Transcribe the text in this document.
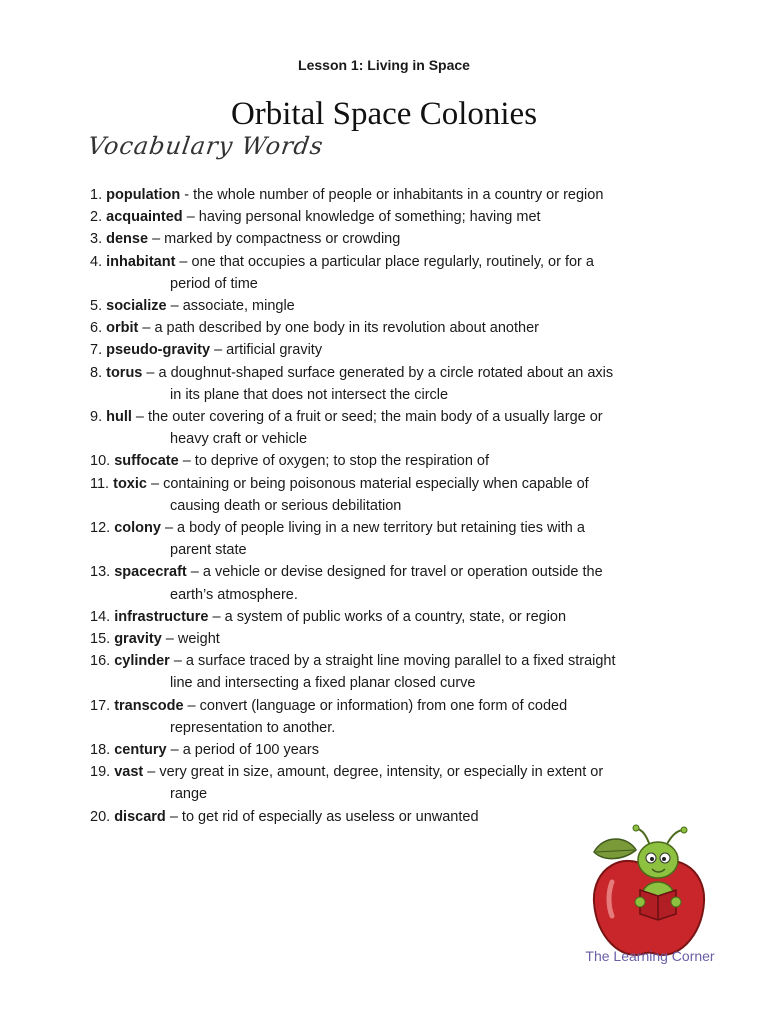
Lesson 1: Living in Space
Orbital Space Colonies
Vocabulary Words
1. population - the whole number of people or inhabitants in a country or region
2. acquainted – having personal knowledge of something; having met
3. dense – marked by compactness or crowding
4. inhabitant – one that occupies a particular place regularly, routinely, or for a
period of time
5. socialize – associate, mingle
6. orbit – a path described by one body in its revolution about another
7. pseudo-gravity – artificial gravity
8. torus – a doughnut-shaped surface generated by a circle rotated about an axis
in its plane that does not intersect the circle
9. hull – the outer covering of a fruit or seed; the main body of a usually large or
heavy craft or vehicle
10. suffocate – to deprive of oxygen; to stop the respiration of
11. toxic – containing or being poisonous material especially when capable of
causing death or serious debilitation
12. colony – a body of people living in a new territory but retaining ties with a
parent state
13. spacecraft – a vehicle or devise designed for travel or operation outside the
earth’s atmosphere.
14. infrastructure – a system of public works of a country, state, or region
15. gravity – weight
16. cylinder – a surface traced by a straight line moving parallel to a fixed straight
line and intersecting a fixed planar closed curve
17. transcode – convert (language or information) from one form of coded
representation to another.
18. century – a period of 100 years
19. vast – very great in size, amount, degree, intensity, or especially in extent or
range
20. discard – to get rid of especially as useless or unwanted
The Learning Corner
